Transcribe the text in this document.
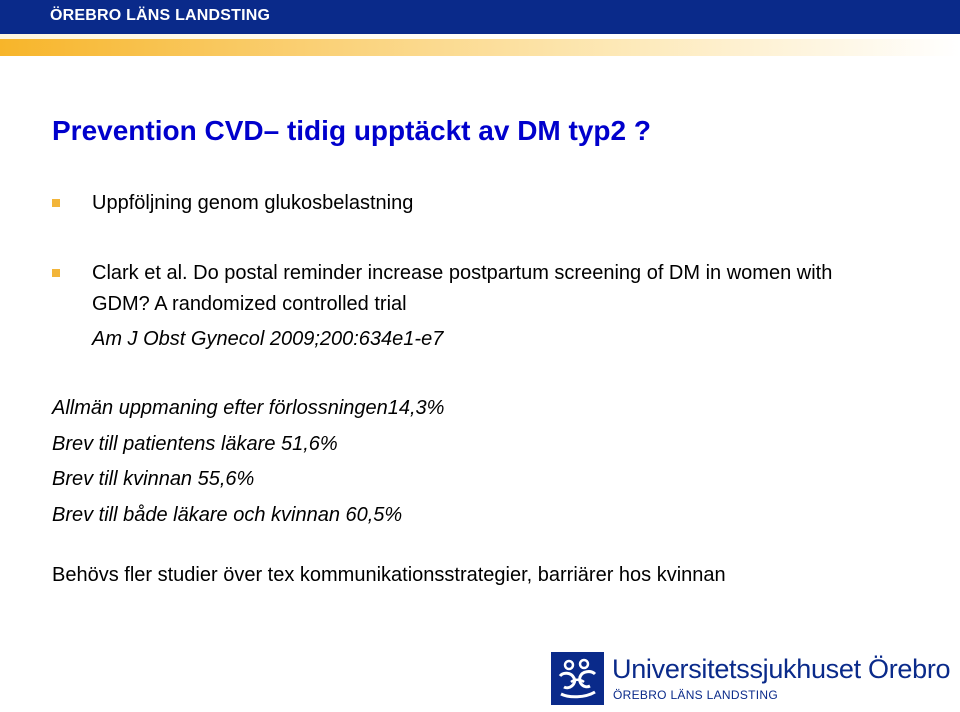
ÖREBRO LÄNS LANDSTING
Prevention CVD– tidig upptäckt av DM typ2 ?
Uppföljning genom glukosbelastning
Clark et al. Do postal reminder increase postpartum screening of DM in women with GDM? A randomized controlled trial
Am J Obst Gynecol 2009;200:634e1-e7
Allmän uppmaning efter förlossningen14,3%
Brev till patientens läkare 51,6%
Brev till kvinnan 55,6%
Brev till både läkare och kvinnan 60,5%
Behövs fler studier över tex kommunikationsstrategier, barriärer hos kvinnan
Universitetssjukhuset Örebro
ÖREBRO LÄNS LANDSTING
